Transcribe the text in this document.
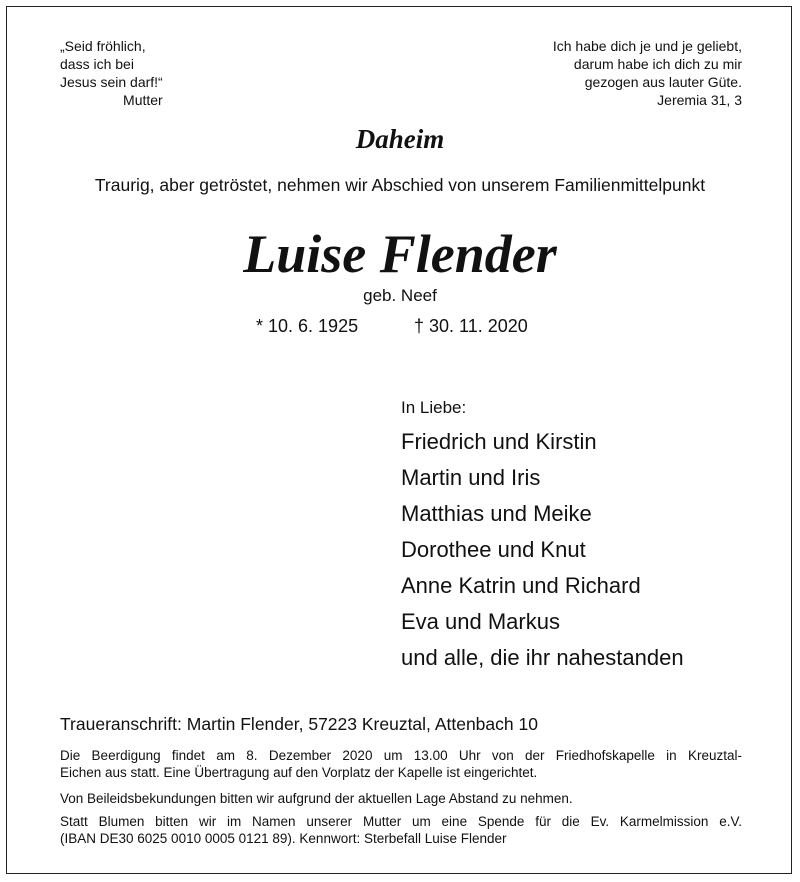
„Seid fröhlich,
dass ich bei
Jesus sein darf!“
Mutter
Ich habe dich je und je geliebt,
darum habe ich dich zu mir
gezogen aus lauter Güte.
Jeremia 31, 3
Daheim
Traurig, aber getröstet, nehmen wir Abschied von unserem Familienmittelpunkt
Luise Flender
geb. Neef
* 10. 6. 1925	† 30. 11. 2020
In Liebe:
Friedrich und Kirstin
Martin und Iris
Matthias und Meike
Dorothee und Knut
Anne Katrin und Richard
Eva und Markus
und alle, die ihr nahestanden
Traueranschrift: Martin Flender, 57223 Kreuztal, Attenbach 10
Die Beerdigung findet am 8. Dezember 2020 um 13.00 Uhr von der Friedhofskapelle in Kreuztal-
Eichen aus statt. Eine Übertragung auf den Vorplatz der Kapelle ist eingerichtet.
Von Beileidsbekundungen bitten wir aufgrund der aktuellen Lage Abstand zu nehmen.
Statt Blumen bitten wir im Namen unserer Mutter um eine Spende für die Ev. Karmelmission e.V.
(IBAN DE30 6025 0010 0005 0121 89). Kennwort: Sterbefall Luise Flender
